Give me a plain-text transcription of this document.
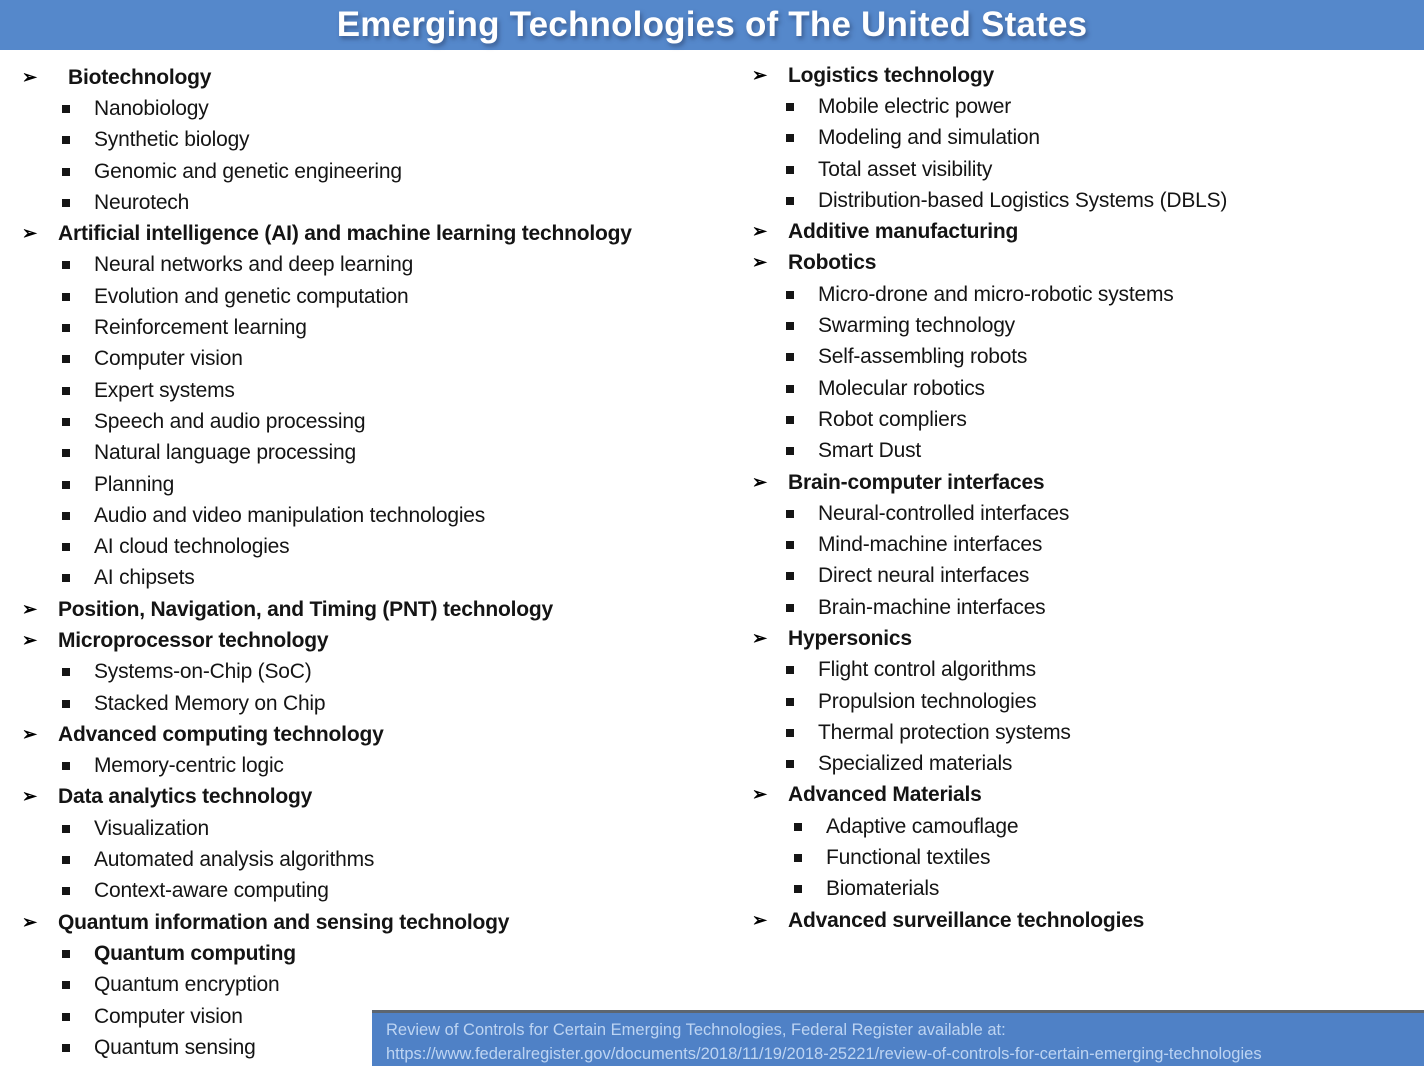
Emerging Technologies of The United States
➢ Biotechnology
Nanobiology
Synthetic biology
Genomic and genetic engineering
Neurotech
➢ Artificial intelligence (AI) and machine learning technology
Neural networks and deep learning
Evolution and genetic computation
Reinforcement learning
Computer vision
Expert systems
Speech and audio processing
Natural language processing
Planning
Audio and video manipulation technologies
AI cloud technologies
AI chipsets
➢ Position, Navigation, and Timing (PNT) technology
➢ Microprocessor technology
Systems-on-Chip (SoC)
Stacked Memory on Chip
➢ Advanced computing technology
Memory-centric logic
➢ Data analytics technology
Visualization
Automated analysis algorithms
Context-aware computing
➢ Quantum information and sensing technology
Quantum computing
Quantum encryption
Computer vision
Quantum sensing
➢ Logistics technology
Mobile electric power
Modeling and simulation
Total asset visibility
Distribution-based Logistics Systems (DBLS)
➢ Additive manufacturing
➢ Robotics
Micro-drone and micro-robotic systems
Swarming technology
Self-assembling robots
Molecular robotics
Robot compliers
Smart Dust
➢ Brain-computer interfaces
Neural-controlled interfaces
Mind-machine interfaces
Direct neural interfaces
Brain-machine interfaces
➢ Hypersonics
Flight control algorithms
Propulsion technologies
Thermal protection systems
Specialized materials
➢ Advanced Materials
Adaptive camouflage
Functional textiles
Biomaterials
➢ Advanced surveillance technologies
Review of Controls for Certain Emerging Technologies, Federal Register available at:
https://www.federalregister.gov/documents/2018/11/19/2018-25221/review-of-controls-for-certain-emerging-technologies
